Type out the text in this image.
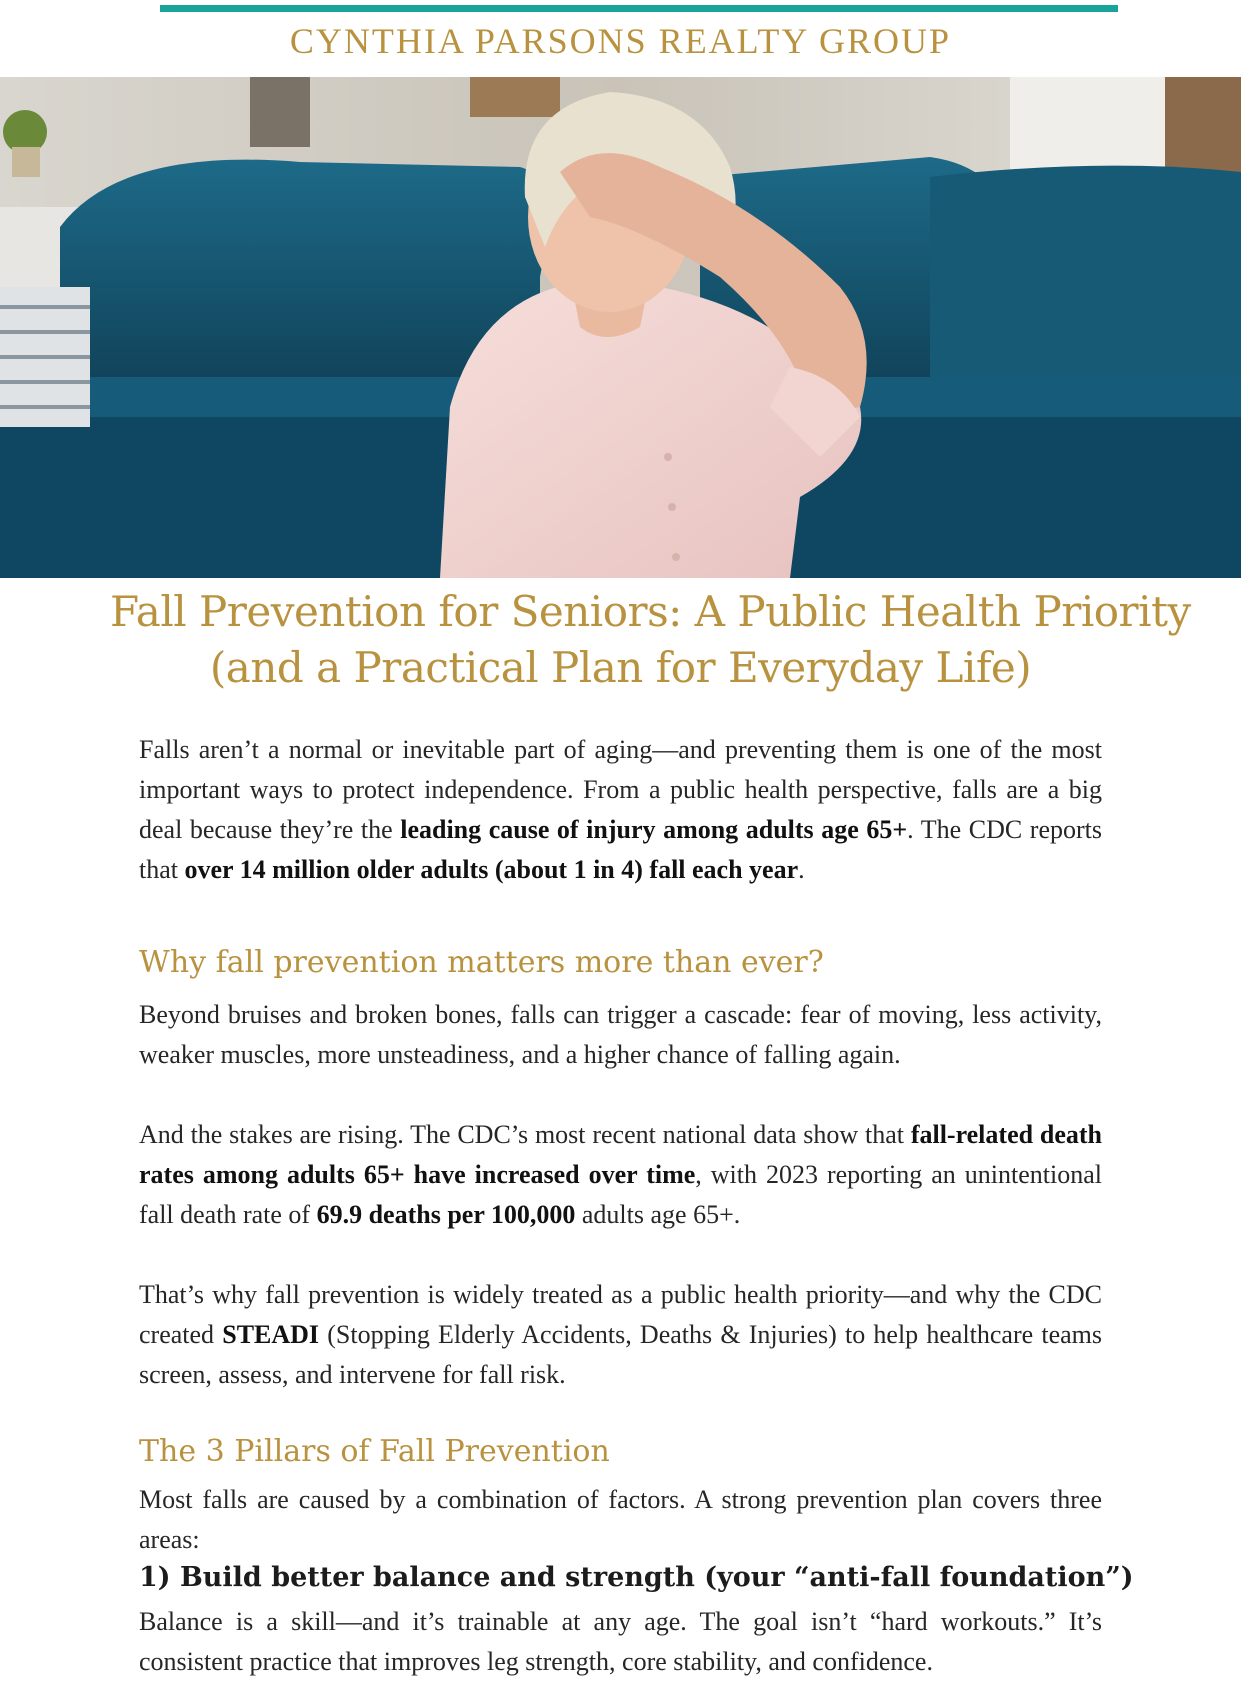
CYNTHIA PARSONS REALTY GROUP
Fall Prevention for Seniors: A Public Health Priority
(and a Practical Plan for Everyday Life)

Falls aren’t a normal or inevitable part of aging—and preventing them is one of the most important ways to protect independence. From a public health perspective, falls are a big deal because they’re the leading cause of injury among adults age 65+. The CDC reports that over 14 million older adults (about 1 in 4) fall each year.

Why fall prevention matters more than ever?

Beyond bruises and broken bones, falls can trigger a cascade: fear of moving, less activity, weaker muscles, more unsteadiness, and a higher chance of falling again.

And the stakes are rising. The CDC’s most recent national data show that fall-related death rates among adults 65+ have increased over time, with 2023 reporting an unintentional fall death rate of 69.9 deaths per 100,000 adults age 65+.

That’s why fall prevention is widely treated as a public health priority—and why the CDC created STEADI (Stopping Elderly Accidents, Deaths & Injuries) to help healthcare teams screen, assess, and intervene for fall risk.

The 3 Pillars of Fall Prevention

Most falls are caused by a combination of factors. A strong prevention plan covers three areas:

1) Build better balance and strength (your “anti-fall foundation”)

Balance is a skill—and it’s trainable at any age. The goal isn’t “hard workouts.” It’s consistent practice that improves leg strength, core stability, and confidence.
